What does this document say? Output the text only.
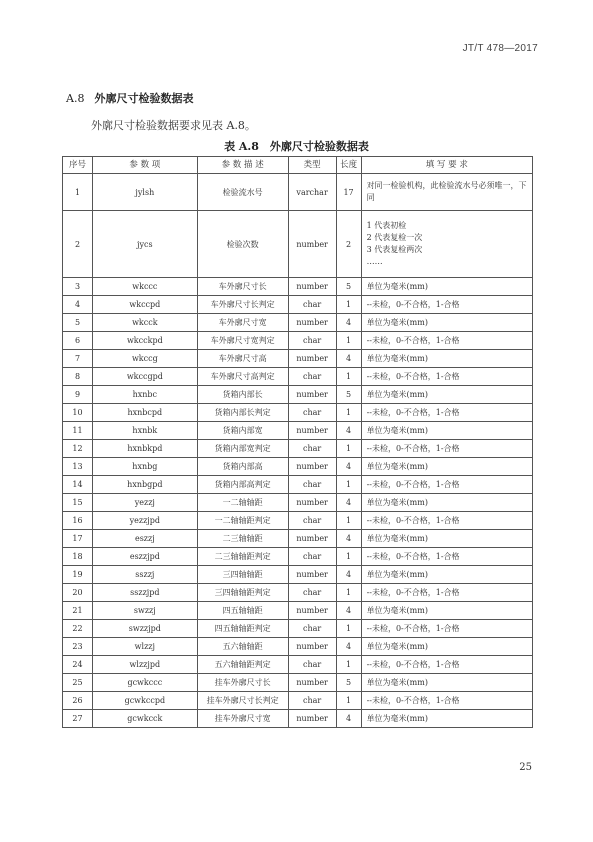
JT/T 478—2017
A.8 外廓尺寸检验数据表
外廓尺寸检验数据要求见表 A.8。
表 A.8　外廓尺寸检验数据表
序号	参 数 项	参 数 描 述	类型	长度	填 写 要 求
1	jylsh	检验流水号	varchar	17	对同一检验机构，此检验流水号必须唯一，下同

2	jycs	检验次数	number	2	1 代表初检
2 代表复检一次
3 代表复检两次
……

3	wkccc	车外廓尺寸长	number	5	单位为毫米(mm)

4	wkccpd	车外廓尺寸长判定	char	1	--未检，0-不合格，1-合格

5	wkcck	车外廓尺寸宽	number	4	单位为毫米(mm)

6	wkcckpd	车外廓尺寸宽判定	char	1	--未检，0-不合格，1-合格

7	wkccg	车外廓尺寸高	number	4	单位为毫米(mm)

8	wkccgpd	车外廓尺寸高判定	char	1	--未检，0-不合格，1-合格

9	hxnbc	货箱内部长	number	5	单位为毫米(mm)

10	hxnbcpd	货箱内部长判定	char	1	--未检，0-不合格，1-合格

11	hxnbk	货箱内部宽	number	4	单位为毫米(mm)

12	hxnbkpd	货箱内部宽判定	char	1	--未检，0-不合格，1-合格

13	hxnbg	货箱内部高	number	4	单位为毫米(mm)

14	hxnbgpd	货箱内部高判定	char	1	--未检，0-不合格，1-合格

15	yezzj	一二轴轴距	number	4	单位为毫米(mm)

16	yezzjpd	一二轴轴距判定	char	1	--未检，0-不合格，1-合格

17	eszzj	二三轴轴距	number	4	单位为毫米(mm)

18	eszzjpd	二三轴轴距判定	char	1	--未检，0-不合格，1-合格

19	sszzj	三四轴轴距	number	4	单位为毫米(mm)

20	sszzjpd	三四轴轴距判定	char	1	--未检，0-不合格，1-合格

21	swzzj	四五轴轴距	number	4	单位为毫米(mm)

22	swzzjpd	四五轴轴距判定	char	1	--未检，0-不合格，1-合格

23	wlzzj	五六轴轴距	number	4	单位为毫米(mm)

24	wlzzjpd	五六轴轴距判定	char	1	--未检，0-不合格，1-合格

25	gcwkccc	挂车外廓尺寸长	number	5	单位为毫米(mm)

26	gcwkccpd	挂车外廓尺寸长判定	char	1	--未检，0-不合格，1-合格

27	gcwkcck	挂车外廓尺寸宽	number	4	单位为毫米(mm)
25
